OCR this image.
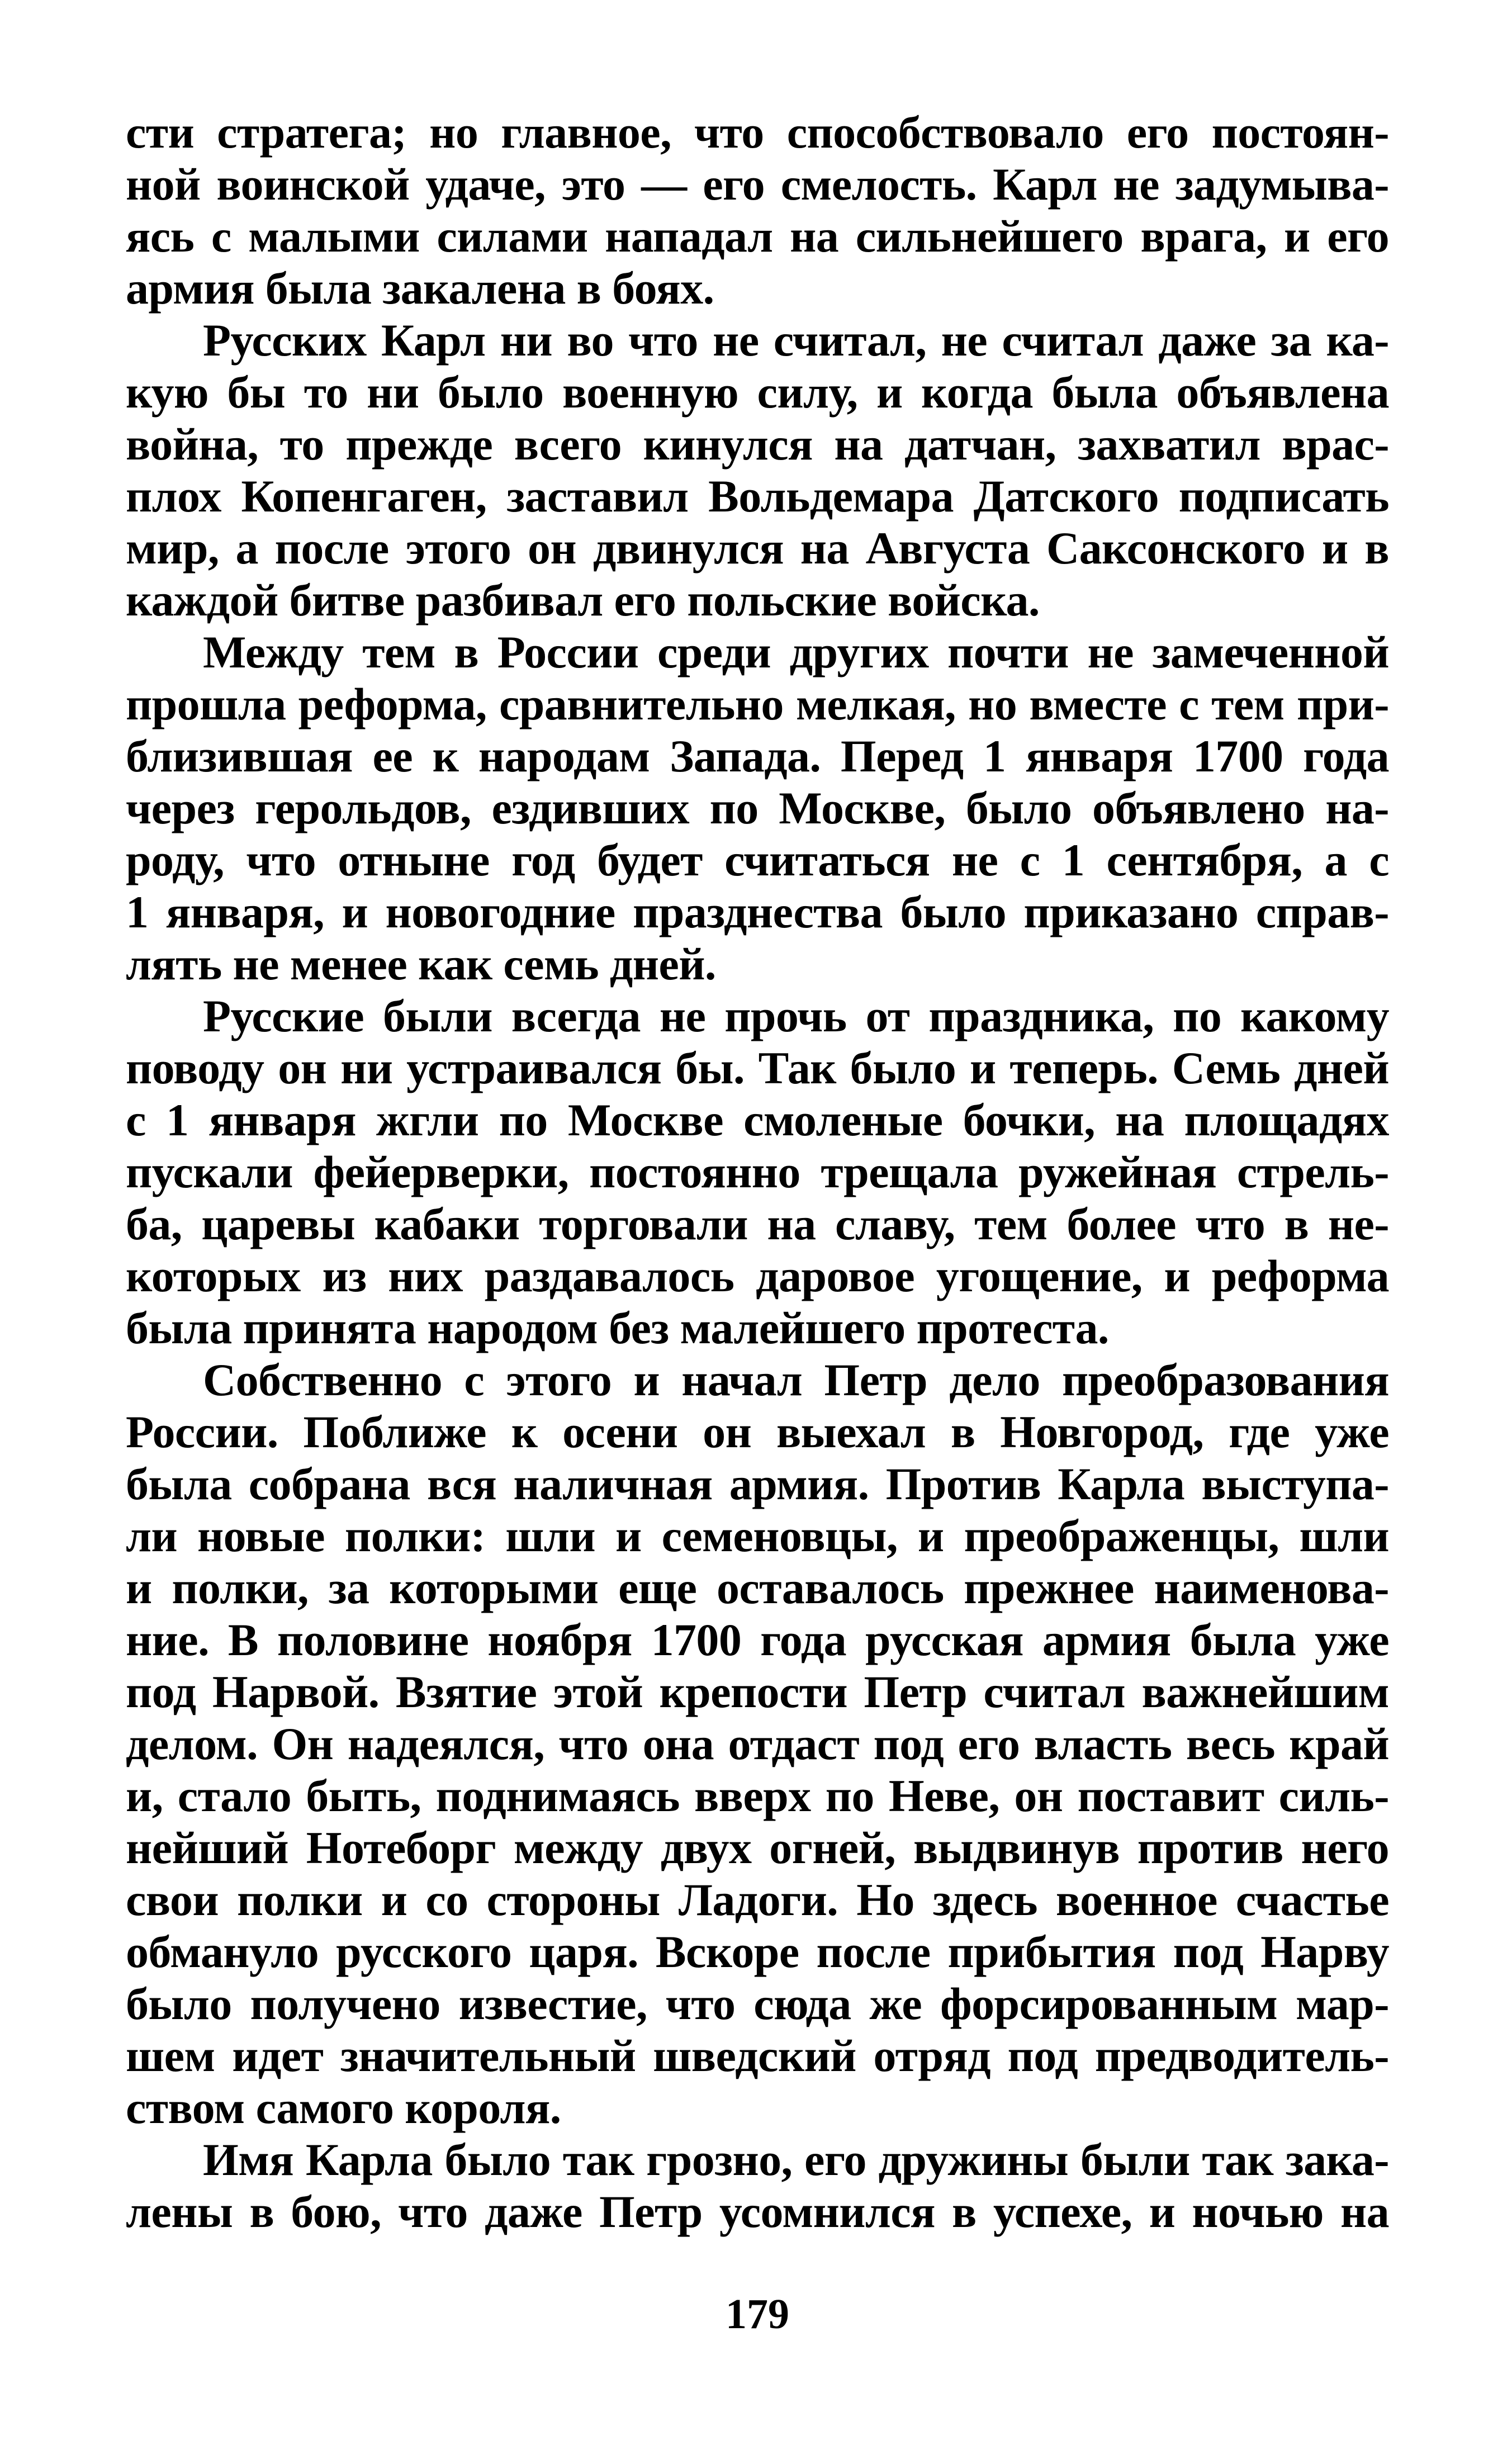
сти стратега; но главное, что способствовало его постоян-
ной воинской удаче, это — его смелость. Карл не задумыва-
ясь с малыми силами нападал на сильнейшего врага, и его
армия была закалена в боях.
Русских Карл ни во что не считал, не считал даже за ка-
кую бы то ни было военную силу, и когда была объявлена
война, то прежде всего кинулся на датчан, захватил врас-
плох Копенгаген, заставил Вольдемара Датского подписать
мир, а после этого он двинулся на Августа Саксонского и в
каждой битве разбивал его польские войска.
Между тем в России среди других почти не замеченной
прошла реформа, сравнительно мелкая, но вместе с тем при-
близившая ее к народам Запада. Перед 1 января 1700 года
через герольдов, ездивших по Москве, было объявлено на-
роду, что отныне год будет считаться не с 1 сентября, а с
1 января, и новогодние празднества было приказано справ-
лять не менее как семь дней.
Русские были всегда не прочь от праздника, по какому
поводу он ни устраивался бы. Так было и теперь. Семь дней
с 1 января жгли по Москве смоленые бочки, на площадях
пускали фейерверки, постоянно трещала ружейная стрель-
ба, царевы кабаки торговали на славу, тем более что в не-
которых из них раздавалось даровое угощение, и реформа
была принята народом без малейшего протеста.
Собственно с этого и начал Петр дело преобразования
России. Поближе к осени он выехал в Новгород, где уже
была собрана вся наличная армия. Против Карла выступа-
ли новые полки: шли и семеновцы, и преображенцы, шли
и полки, за которыми еще оставалось прежнее наименова-
ние. В половине ноября 1700 года русская армия была уже
под Нарвой. Взятие этой крепости Петр считал важнейшим
делом. Он надеялся, что она отдаст под его власть весь край
и, стало быть, поднимаясь вверх по Неве, он поставит силь-
нейший Нотеборг между двух огней, выдвинув против него
свои полки и со стороны Ладоги. Но здесь военное счастье
обмануло русского царя. Вскоре после прибытия под Нарву
было получено известие, что сюда же форсированным мар-
шем идет значительный шведский отряд под предводитель-
ством самого короля.
Имя Карла было так грозно, его дружины были так зака-
лены в бою, что даже Петр усомнился в успехе, и ночью на
179
